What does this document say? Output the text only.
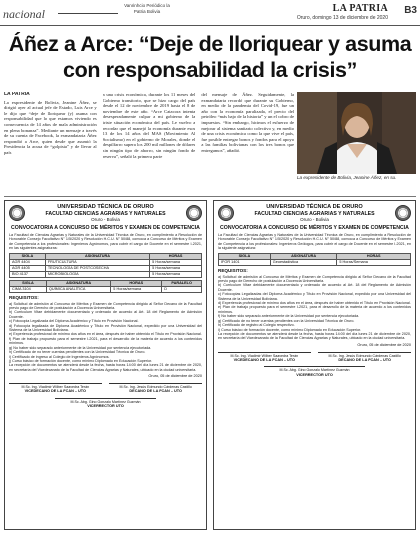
nacional
Vanrinhcio Periódico la Patria Bolivia	LA PATRIA
Oruro, domingo 13 de diciembre de 2020
B3
Áñez a Arce: “Deje de lloriquear y asuma con responsabilidad la crisis”
LA PATRIA
La expresidente de Bolivia, Jeanine Áñez, se dirigió ayer al actual jefe de Estado, Luis Arce y le dijo que “deje de lloriquear (y) asuma con responsabilidad que lo que estamos viviendo es consecuencia de 14 años de mala administración en plena bonanza”. Mediante un mensaje a través de su cuenta de Facebook, la exmandataria Áñez respondió a Arce, quien desde que asumió la Presidencia la acusa de “golpista” y de llevar al país
a una crisis económica, durante los 11 meses del Gobierno transitorio, que se hizo cargo del país desde el 12 de noviembre de 2019 hasta el 8 de noviembre de este año. “Arce Catacora intenta desesperadamente culpar a mi gobierno de la triste situación económica del país. Le vuelvo a recordar que el manejó la economía durante esos 13 de los 14 años del MAS (Movimiento Al Socialismo) en el gobierno de Morales, donde el despilfarro supera los 200 mil millones de dólares sin ningún tipo de ahorro, sin ningún fondo de reserva”, señaló la primera parte
del mensaje de Áñez. Seguidamente, la exmandataria recordó que durante su Gobierno, en medio de la pandemia del Covid-19, fue un año con la economía paralizada, el precio del petróleo “más bajo de la historia” y un el cobro de impuestos. “Sin embargo, hicimos el esfuerzo de mejorar al sistema sanitario colectivo y, en medio de una crisis económica como la que vive el país, fue posible entregar bonos y fondos para el apoyo a las familias bolivianas con los tres bonos que entregamos”, añadió.
La expresidente de Bolivia, Jeanine Áñez, en su.
UNIVERSIDAD TÉCNICA DE ORURO
FACULTAD CIENCIAS AGRARIAS Y NATURALES
Oruro - Bolivia
CONVOCATORIA A CONCURSO DE MÉRITOS Y EXAMEN DE COMPETENCIA
La Facultad de Ciencias Agrarias y Naturales de la Universidad Técnica de Oruro, en cumplimiento a Resolución de Honorable Consejo Facultativo N° 1/5/2020 y Resolución H.C.U. N° 50/88, convoca a Concurso de Méritos y Examen de Competencia a los profesionales: Ingenieros Agrónomos, para cubrir el cargo de Docente en el semestre I-2021, en las siguientes asignaturas:
SIGLA	ASIGNATURA	HORAS
AGR 4404	FRUTICULTURA	5 Horas/semana
AGR 4405	TECNOLOGÍA DE POSTCOSECHA	5 Horas/semana
BIO 4137	MICROBIOLOGÍA	5 Horas/semana
SIGLA	ASIGNATURA	HORAS	PARALELO
CIMA 3104	QUÍMICA ANALÍTICA	5 Horas/semana	D
REQUISITOS:
a) Solicitud de admisión al Concurso de Méritos y Examen de Competencia dirigido al Señor Decano de la Facultad previo pago de Derecho de postulación a Docencia Universitaria.
b) Curriculum Vitae debidamente documentado y ordenado de acuerdo al Art. 18 del Reglamento de Admisión Docente.
c) Fotocopia Legalizada del Diploma Académico y Título en Provisión Nacional.
d) Fotocopia legalizada de Diploma Académico y Título en Provisión Nacional, expedido por una Universidad del Sistema de la Universidad Boliviana.
e) Experiencia profesional de mínimo dos años en el área, después de haber obtenido el Título en Provisión Nacional.
f) Plan de trabajo propuesto para el semestre I-2021, para el desarrollo de la materia de acuerdo a los contenidos mínimos.
g) No haber sido separado anteriormente de la Universidad por sentencia ejecutoriada.
h) Certificado de no tener cuentas pendientes con la Universidad Técnica de Oruro.
i) Certificado de ingreso al Colegio de Ingenieros Agrónomos.
j) Curso básico de formación docente, como mínimo Diplomado en Educación Superior.
La recepción de documentos se atenderá desde la fecha, hasta horas 14:00 del día lunes 21 de diciembre de 2020, en secretaría del Vicedecanato de la Facultad de Ciencias Agrarias y Naturales, ubicado en la ciudad universitaria.
Oruro, 05 de diciembre de 2020
M.Sc. Ing. Vladimir Wilber Saavedra Terán
VICEDECANO DE LA FCAN – UTO
M.Sc. Ing. Jesús Edmundo Cárdenas Castillo
DECANO DE LA FCAN – UTO
M.Sc. Abg. Gino Gonzalo Martínez Guzmán
VICERRECTOR UTO
UNIVERSIDAD TÉCNICA DE ORURO
FACULTAD CIENCIAS AGRARIAS Y NATURALES
Oruro - Bolivia
CONVOCATORIA A CONCURSO DE MÉRITOS Y EXAMEN DE COMPETENCIA
La Facultad de Ciencias Agrarias y Naturales de la Universidad Técnica de Oruro, en cumplimiento a Resolución de Honorable Consejo Facultativo N° 1/5/2020 y Resolución H.C.U. N° 50/88, convoca a Concurso de Méritos y Examen de Competencia a los profesionales: Ingenieros Geólogos, para cubrir el cargo de Docente en el semestre I-2021, en la siguiente asignatura:
SIGLA	ASIGNATURA	HORAS
IFOR 1401	Geoestadística	5 Horas/Semana
REQUISITOS:
a) Solicitud de admisión al Concurso de Méritos y Examen de Competencia dirigido al Señor Decano de la Facultad previo pago de Derecho de postulación a Docencia Universitaria.
b) Curriculum Vitae debidamente documentado y ordenado de acuerdo al Art. 18 del Reglamento de Admisión Docente.
c) Fotocopias Legalizadas del Diploma Académico y Título en Provisión Nacional, expedido por una Universidad del Sistema de la Universidad Boliviana.
d) Experiencia profesional de mínimo dos años en el área, después de haber obtenido el Título en Provisión Nacional.
e) Plan de trabajo propuesto para el semestre I-2021, para el desarrollo de la materia de acuerdo a los contenidos mínimos.
f) No haber sido separado anteriormente de la Universidad por sentencia ejecutoriada.
g) Certificado de no tener cuentas pendientes con la Universidad Técnica de Oruro.
h) Certificado de registro al Colegio respectivo.
i) Curso básico de formación docente, como mínimo Diplomado en Educación Superior.
La recepción de documentos se atenderá desde la fecha, hasta horas 14:00 del día lunes 21 de diciembre de 2020, en secretaría del Vicedecanato de la Facultad de Ciencias Agrarias y Naturales, ubicado en la ciudad universitaria.
Oruro, 05 de diciembre de 2020
M.Sc. Ing. Vladimir Wilber Saavedra Terán
VICEDECANO DE LA FCAN – UTO
M.Sc. Ing. Jesús Edmundo Cárdenas Castillo
DECANO DE LA FCAN – UTO
M.Sc. Abg. Gino Gonzalo Martínez Guzmán
VICERRECTOR UTO
